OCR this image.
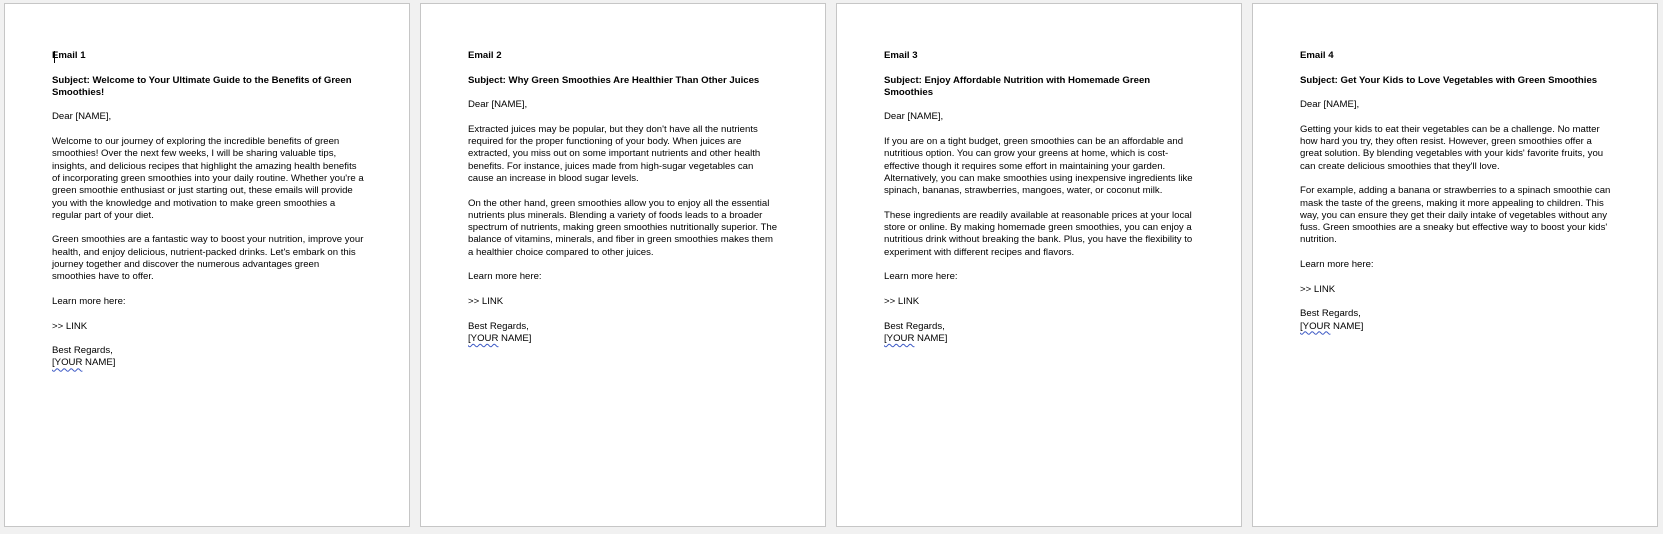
Email 1
Subject: Welcome to Your Ultimate Guide to the Benefits of Green Smoothies!
Dear [NAME],
Welcome to our journey of exploring the incredible benefits of green smoothies! Over the next few weeks, I will be sharing valuable tips, insights, and delicious recipes that highlight the amazing health benefits of incorporating green smoothies into your daily routine. Whether you're a green smoothie enthusiast or just starting out, these emails will provide you with the knowledge and motivation to make green smoothies a regular part of your diet.
Green smoothies are a fantastic way to boost your nutrition, improve your health, and enjoy delicious, nutrient-packed drinks. Let's embark on this journey together and discover the numerous advantages green smoothies have to offer.
Learn more here:
>> LINK
Best Regards,
[YOUR NAME]
Email 2
Subject: Why Green Smoothies Are Healthier Than Other Juices
Dear [NAME],
Extracted juices may be popular, but they don't have all the nutrients required for the proper functioning of your body. When juices are extracted, you miss out on some important nutrients and other health benefits. For instance, juices made from high-sugar vegetables can cause an increase in blood sugar levels.
On the other hand, green smoothies allow you to enjoy all the essential nutrients plus minerals. Blending a variety of foods leads to a broader spectrum of nutrients, making green smoothies nutritionally superior. The balance of vitamins, minerals, and fiber in green smoothies makes them a healthier choice compared to other juices.
Learn more here:
>> LINK
Best Regards,
[YOUR NAME]
Email 3
Subject: Enjoy Affordable Nutrition with Homemade Green Smoothies
Dear [NAME],
If you are on a tight budget, green smoothies can be an affordable and nutritious option. You can grow your greens at home, which is cost-effective though it requires some effort in maintaining your garden. Alternatively, you can make smoothies using inexpensive ingredients like spinach, bananas, strawberries, mangoes, water, or coconut milk.
These ingredients are readily available at reasonable prices at your local store or online. By making homemade green smoothies, you can enjoy a nutritious drink without breaking the bank. Plus, you have the flexibility to experiment with different recipes and flavors.
Learn more here:
>> LINK
Best Regards,
[YOUR NAME]
Email 4
Subject: Get Your Kids to Love Vegetables with Green Smoothies
Dear [NAME],
Getting your kids to eat their vegetables can be a challenge. No matter how hard you try, they often resist. However, green smoothies offer a great solution. By blending vegetables with your kids' favorite fruits, you can create delicious smoothies that they'll love.
For example, adding a banana or strawberries to a spinach smoothie can mask the taste of the greens, making it more appealing to children. This way, you can ensure they get their daily intake of vegetables without any fuss. Green smoothies are a sneaky but effective way to boost your kids' nutrition.
Learn more here:
>> LINK
Best Regards,
[YOUR NAME]
